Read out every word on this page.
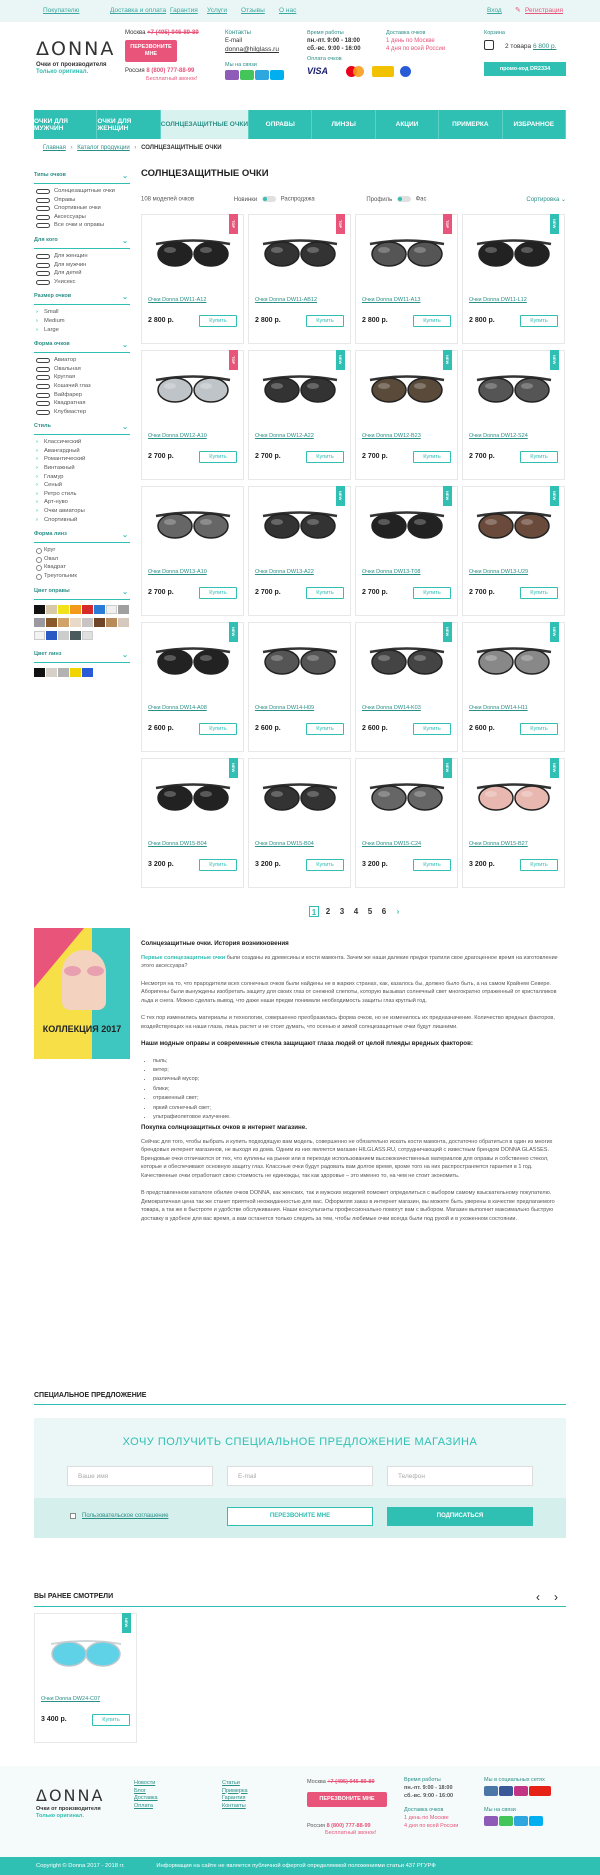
Покупателю	Доставка и оплата Гарантия Услуги Отзывы О нас	Вход ✎ Регистрация
ΔONNA
Очки от производителя
Только оригинал.
Москва +7 (495) 946-89-89
ПЕРЕЗВОНИТЕ МНЕ
Россия 8 (800) 777-88-99
Бесплатный звонок!
Контакты
E-mail
donna@hilglass.ru
Мы на связи
Время работы
пн.-пт. 9:00 - 18:00
сб.-вс. 9:00 - 16:00
Оплата очков
VISA
Доставка очков
1 день по Москве
4 дня по всей России
Корзина
2 товара 6 800 р.
промо-код DR2334
ОЧКИ ДЛЯ МУЖЧИН
ОЧКИ ДЛЯ ЖЕНЩИН	СОЛНЦЕЗАЩИТНЫЕ ОЧКИ	ОПРАВЫ	ЛИНЗЫ	АКЦИИ	ПРИМЕРКА	ИЗБРАННОЕ
Главная › Каталог продукции › СОЛНЦЕЗАЩИТНЫЕ ОЧКИ
Типы очков	⌄
Солнцезащитные очки
Оправы
Спортивные очки
Аксессуары
Все очки и оправы
Для кого	⌄
Для женщин
Для мужчин
Для детей
Унисекс
Размер очков	⌄
› Small
› Medium
› Large
Форма очков	⌄
Авиатор
Овальная
Круглая
Кошачий глаз
Вайфарер
Квадратная
Клубмастер
Стиль	⌄
› Классический
› Авангардный
› Романтический
› Винтажный
› Гламур
› Сеный
› Ретро стиль
› Арт-нуво
› Очки авиаторы
› Спортивный
Форма линз	⌄
Круг
Овал
Квадрат
Треугольник
Цвет оправы	⌄
Цвет линз	⌄
СОЛНЦЕЗАЩИТНЫЕ ОЧКИ
108 моделей очков	Новинки	Распродажа	Профиль	Фас	Сортировка ⌄
TOP
Очки Donna DW11-A12
2 800 р.	Купить
TOP
Очки Donna DW11-AB12
2 800 р.	Купить
TOP
Очки Donna DW11-A13
2 800 р.	Купить
NEW
Очки Donna DW11-L12
2 800 р.	Купить
TOP
Очки Donna DW12-A10
2 700 р.	Купить
NEW
Очки Donna DW12-A22
2 700 р.	Купить
NEW
Очки Donna DW12-B23
2 700 р.	Купить
NEW
Очки Donna DW12-S24
2 700 р.	Купить
Очки Donna DW13-A10
2 700 р.	Купить
NEW
Очки Donna DW13-A22
2 700 р.	Купить
NEW
Очки Donna DW13-T08
2 700 р.	Купить
NEW
Очки Donna DW13-U29
2 700 р.	Купить
NEW
Очки Donna DW14-A08
2 600 р.	Купить
Очки Donna DW14-H09
2 600 р.	Купить
NEW
Очки Donna DW14-K03
2 600 р.	Купить
NEW
Очки Donna DW14-H11
2 600 р.	Купить
NEW
Очки Donna DW15-B04
3 200 р.	Купить
Очки Donna DW15-B04
3 200 р.	Купить
NEW
Очки Donna DW15-C24
3 200 р.	Купить
NEW
Очки Donna DW15-B27
3 200 р.	Купить
1	2	3	4	5	6	›
КОЛЛЕКЦИЯ 2017
Солнцезащитные очки. История возникновения

Первые солнцезащитные очки были созданы из древесины и кости мамонта. Зачем же наши далекие предки тратили свое драгоценное время на изготовление этого аксессуара?

Несмотря на то, что прародители всех солнечных очков были найдены не в жарких странах, как, казалось бы, должно было быть, а на самом Крайнем Севере. Аборигены были вынуждены изобретать защиту для своих глаз от снежной слепоты, которую вызывал солнечный свет многократно отраженный от кристалликов льда и снега. Можно сделать вывод, что даже наши предки понимали необходимость защиты глаз круглый год.

С тех пор изменились материалы и технологии, совершенно преобразилась форма очков, но не изменилось их предназначение. Количество вредных факторов, воздействующих на наши глаза, лишь растет и не стоит думать, что осенью и зимой солнцезащитные очки будут лишними.

Наши модные оправы и современные стекла защищают глаза людей от целой плеяды вредных факторов:
• пыль;
• ветер;
• различный мусор;
• блики;
• отраженный свет;
• яркий солнечный свет;
• ультрафиолетовое излучение.
Покупка солнцезащитных очков в интернет магазине.

Сейчас для того, чтобы выбрать и купить подходящую вам модель, совершенно не обязательно искать кости мамонта, достаточно обратиться в один из многих брендовых интернет магазинов, не выходя из дома. Одним из них является магазин HILGLASS.RU, сотрудничающий с известным брендом DONNA GLASSES. Брендовые очки отличаются от тех, что куплены на рынке или в переходе использованием высококачественных материалов для оправы и собственно стекол, которые и обеспечивают основную защиту глаз. Классные очки будут радовать вам долгое время, кроме того на них распространяется гарантия в 1 год. Качественные очки отработают свою стоимость не единожды, так как здоровье – это именно то, на чем не стоит экономить.

В представленном каталоге обилие очков DONNA, как женских, так и мужских моделей поможет определиться с выбором самому взыскательному покупателю. Демократичная цена так же станет приятной неожиданностью для вас. Оформляя заказ в интернет магазин, вы можете быть уверены в качестве предлагаемого товара, а так же в быстроте и удобстве обслуживания. Наши консультанты профессионально помогут вам с выбором. Магазин выполнит максимально быструю доставку в удобное для вас время, а вам останется только следить за тем, чтобы любимые очки всегда были под рукой и в ухоженном состоянии.

СПЕЦИАЛЬНОЕ ПРЕДЛОЖЕНИЕ
ХОЧУ ПОЛУЧИТЬ СПЕЦИАЛЬНОЕ ПРЕДЛОЖЕНИЕ МАГАЗИНА
Ваше имя	E-mail	Телефон
Пользовательское соглашение	ПЕРЕЗВОНИТЕ МНЕ	ПОДПИСАТЬСЯ
ВЫ РАНЕЕ СМОТРЕЛИ	‹ ›
NEW
Очки Donna DW24-C07
3 400 р.	Купить
ΔONNA
Очки от производителя
Только оригинал.
Новости
Блог
Доставка
Оплата
Статьи
Примерка
Гарантия
Контакты
Москва +7 (495) 946-89-89
ПЕРЕЗВОНИТЕ МНЕ
Россия 8 (800) 777-88-99
Бесплатный звонок!
Время работы
пн.-пт. 9:00 - 18:00
сб.-вс. 9:00 - 16:00
Доставка очков
1 день по Москве
4 дня по всей России
Мы в социальных сетях
Мы на связи
Copyright © Donna 2017 - 2018 гг.	Информация на сайте не является публичной офертой определяемой положениями статьи 437 РГУРФ
